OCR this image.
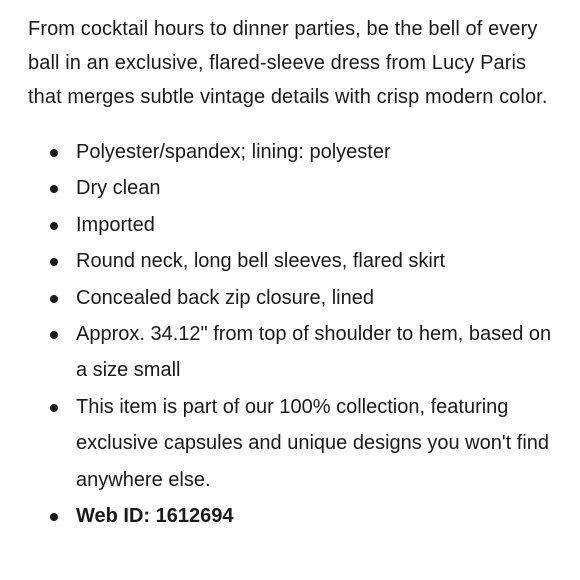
From cocktail hours to dinner parties, be the bell of every ball in an exclusive, flared-sleeve dress from Lucy Paris that merges subtle vintage details with crisp modern color.

Polyester/spandex; lining: polyester
Dry clean
Imported
Round neck, long bell sleeves, flared skirt
Concealed back zip closure, lined
Approx. 34.12" from top of shoulder to hem, based on a size small
This item is part of our 100% collection, featuring exclusive capsules and unique designs you won't find anywhere else.
Web ID: 1612694
